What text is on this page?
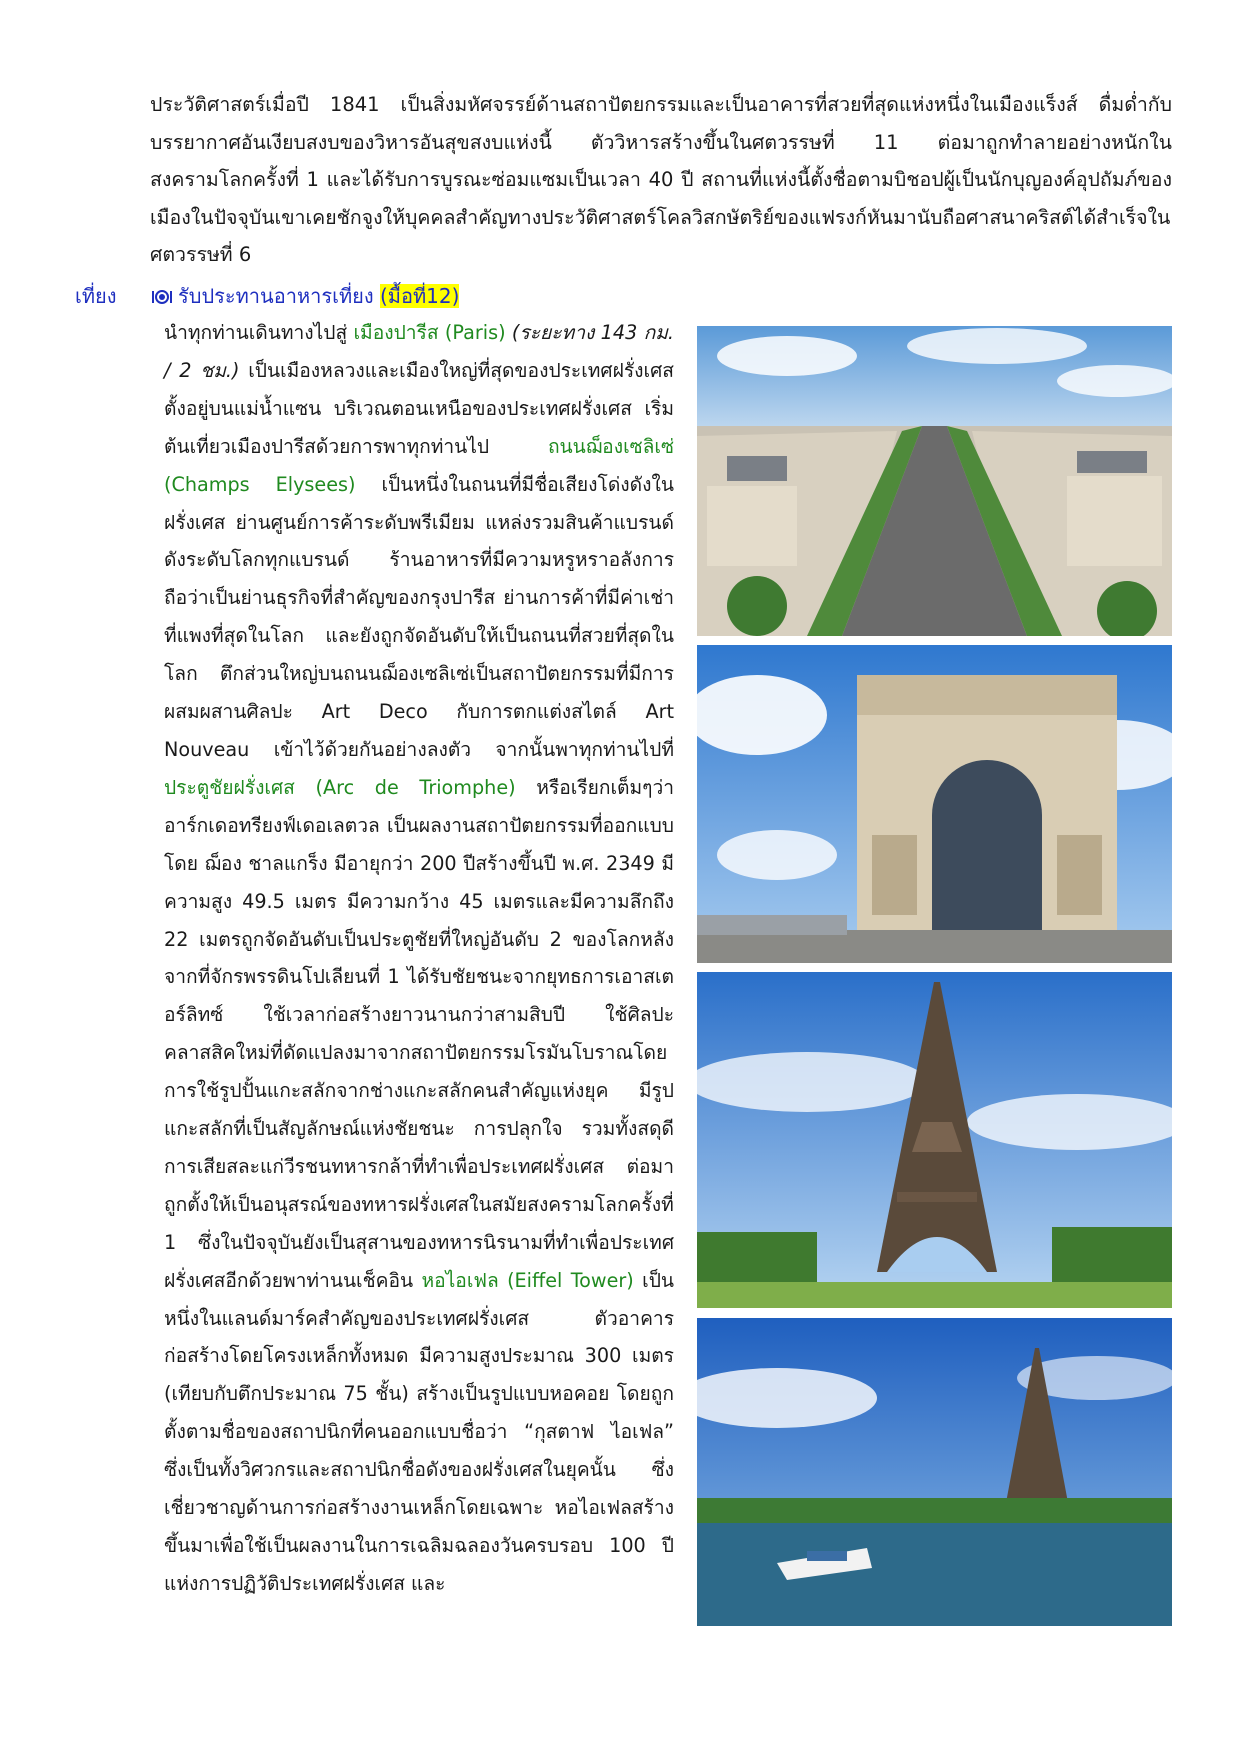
ประวัติศาสตร์เมื่อปี 1841 เป็นสิ่งมหัศจรรย์ด้านสถาปัตยกรรมและเป็นอาคารที่สวยที่สุดแห่งหนึ่งในเมืองแร็งส์ ดื่มด่ำกับบรรยากาศอันเงียบสงบของวิหารอันสุขสงบแห่งนี้ ตัววิหารสร้างขึ้นในศตวรรษที่ 11 ต่อมาถูกทำลายอย่างหนักในสงครามโลกครั้งที่ 1 และได้รับการบูรณะซ่อมแซมเป็นเวลา 40 ปี สถานที่แห่งนี้ตั้งชื่อตามบิชอปผู้เป็นนักบุญองค์อุปถัมภ์ของเมืองในปัจจุบันเขาเคยชักจูงให้บุคคลสำคัญทางประวัติศาสตร์โคลวิสกษัตริย์ของแฟรงก์หันมานับถือศาสนาคริสต์ได้สำเร็จในศตวรรษที่ 6

เที่ยง	รับประทานอาหารเที่ยง (มื้อที่12)

นำทุกท่านเดินทางไปสู่ เมืองปารีส (Paris) (ระยะทาง 143 กม. / 2 ชม.) เป็นเมืองหลวงและเมืองใหญ่ที่สุดของประเทศฝรั่งเศส ตั้งอยู่บนแม่น้ำแซน บริเวณตอนเหนือของประเทศฝรั่งเศส เริ่มต้นเที่ยวเมืองปารีสด้วยการพาทุกท่านไป ถนนฌ็องเซลิเซ่ (Champs Elysees) เป็นหนึ่งในถนนที่มีชื่อเสียงโด่งดังในฝรั่งเศส ย่านศูนย์การค้าระดับพรีเมียม แหล่งรวมสินค้าแบรนด์ดังระดับโลกทุกแบรนด์ ร้านอาหารที่มีความหรูหราอลังการ ถือว่าเป็นย่านธุรกิจที่สำคัญของกรุงปารีส ย่านการค้าที่มีค่าเช่าที่แพงที่สุดในโลก และยังถูกจัดอันดับให้เป็นถนนที่สวยที่สุดในโลก ตึกส่วนใหญ่บนถนนฌ็องเซลิเซ่เป็นสถาปัตยกรรมที่มีการผสมผสานศิลปะ Art Deco กับการตกแต่งสไตล์ Art Nouveau เข้าไว้ด้วยกันอย่างลงตัว จากนั้นพาทุกท่านไปที่ ประตูชัยฝรั่งเศส (Arc de Triomphe) หรือเรียกเต็มๆว่า อาร์กเดอทรียงฟ์เดอเลตวล เป็นผลงานสถาปัตยกรรมที่ออกแบบโดย ฌ็อง ชาลแกร็ง มีอายุกว่า 200 ปีสร้างขึ้นปี พ.ศ. 2349 มีความสูง 49.5 เมตร มีความกว้าง 45 เมตรและมีความลึกถึง 22 เมตรถูกจัดอันดับเป็นประตูชัยที่ใหญ่อันดับ 2 ของโลกหลังจากที่จักรพรรดินโปเลียนที่ 1 ได้รับชัยชนะจากยุทธการเอาสเตอร์ลิทซ์ ใช้เวลาก่อสร้างยาวนานกว่าสามสิบปี ใช้ศิลปะคลาสสิคใหม่ที่ดัดแปลงมาจากสถาปัตยกรรมโรมันโบราณโดยการใช้รูปปั้นแกะสลักจากช่างแกะสลักคนสำคัญแห่งยุค มีรูปแกะสลักที่เป็นสัญลักษณ์แห่งชัยชนะ การปลุกใจ รวมทั้งสดุดีการเสียสละแก่วีรชนทหารกล้าที่ทำเพื่อประเทศฝรั่งเศส ต่อมาถูกตั้งให้เป็นอนุสรณ์ของทหารฝรั่งเศสในสมัยสงครามโลกครั้งที่ 1 ซึ่งในปัจจุบันยังเป็นสุสานของทหารนิรนามที่ทำเพื่อประเทศฝรั่งเศสอีกด้วยพาท่านนเช็คอิน หอไอเฟล (Eiffel Tower) เป็นหนึ่งในแลนด์มาร์คสำคัญของประเทศฝรั่งเศส ตัวอาคารก่อสร้างโดยโครงเหล็กทั้งหมด มีความสูงประมาณ 300 เมตร (เทียบกับตึกประมาณ 75 ชั้น) สร้างเป็นรูปแบบหอคอย โดยถูกตั้งตามชื่อของสถาปนิกที่คนออกแบบชื่อว่า “กุสตาฟ ไอเฟล” ซึ่งเป็นทั้งวิศวกรและสถาปนิกชื่อดังของฝรั่งเศสในยุคนั้น ซึ่งเชี่ยวชาญด้านการก่อสร้างงานเหล็กโดยเฉพาะ หอไอเฟลสร้างขึ้นมาเพื่อใช้เป็นผลงานในการเฉลิมฉลองวันครบรอบ 100 ปี แห่งการปฏิวัติประเทศฝรั่งเศส และ
